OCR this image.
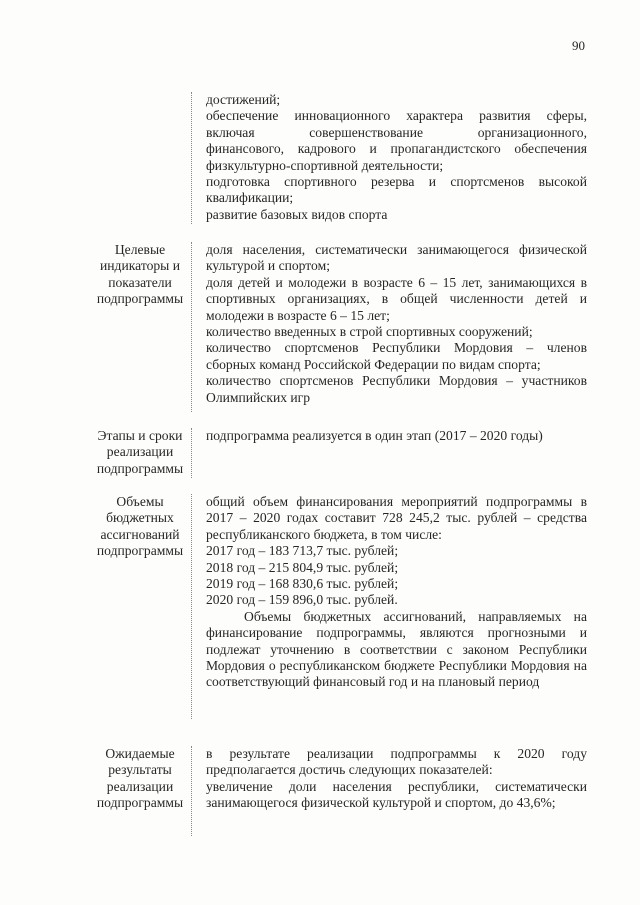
90

достижений;

обеспечение инновационного характера развития сферы,

включая совершенствование организационного,

финансового, кадрового и пропагандистского обеспечения

физкультурно-спортивной деятельности;

подготовка спортивного резерва и спортсменов высокой

квалификации;

развитие базовых видов спорта

Целевые индикаторы и показатели подпрограммы

доля населения, систематически занимающегося физической культурой и спортом;

доля детей и молодежи в возрасте 6 – 15 лет, занимающихся в спортивных организациях, в общей численности детей и молодежи в возрасте 6 – 15 лет;

количество введенных в строй спортивных сооружений;

количество спортсменов Республики Мордовия – членов сборных команд Российской Федерации по видам спорта;

количество спортсменов Республики Мордовия – участников Олимпийских игр

Этапы и сроки реализации подпрограммы

подпрограмма реализуется в один этап (2017 – 2020 годы)

Объемы бюджетных ассигнований подпрограммы

общий объем финансирования мероприятий подпрограммы в 2017 – 2020 годах составит 728 245,2 тыс. рублей – средства республиканского бюджета, в том числе:

2017 год – 183 713,7 тыс. рублей;

2018 год – 215 804,9 тыс. рублей;

2019 год – 168 830,6 тыс. рублей;

2020 год – 159 896,0 тыс. рублей.

Объемы бюджетных ассигнований, направляемых на финансирование подпрограммы, являются прогнозными и подлежат уточнению в соответствии с законом Республики Мордовия о республиканском бюджете Республики Мордовия на соответствующий финансовый год и на плановый период

Ожидаемые результаты реализации подпрограммы

в результате реализации подпрограммы к 2020 году предполагается достичь следующих показателей:

увеличение доли населения республики, систематически занимающегося физической культурой и спортом, до 43,6%;
